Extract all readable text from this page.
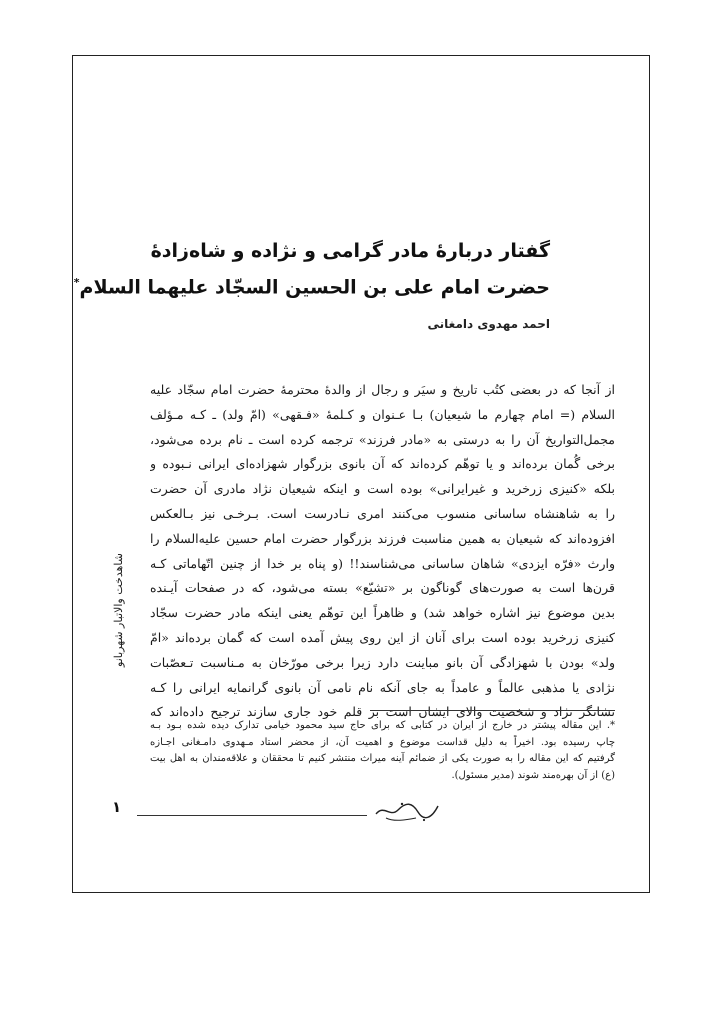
گفتار دربارهٔ مادر گرامی و نژاده و شاه‌زادهٔ
حضرت امام علی بن الحسین السجّاد علیهما السلام*
احمد مهدوی دامغانی
از آنجا که در بعضی کتُب تاریخ و سیَر و رجال از والدهٔ محترمهٔ حضرت امام سجّاد علیه
السلام (= امام چهارم ما شیعیان) بـا عـنوان و کـلمهٔ «فـقهی» (امّ ولد) ـ کـه مـؤلف
مجمل‌التواریخ آن را به درستی به «مادر فرزند» ترجمه کرده است ـ نام برده می‌شود،
برخی گُمان برده‌اند و یا توهّم کرده‌اند که آن بانوی بزرگوار شهزاده‌ای ایرانی نـبوده و
بلکه «کنیزی زرخرید و غیرایرانی» بوده است و اینکه شیعیان نژاد مادری آن حضرت
را به شاهنشاه ساسانی منسوب می‌کنند امری نـادرست است. بـرخـی نیز بـالعکس
افزوده‌اند که شیعیان به همین مناسبت فرزند بزرگوار حضرت امام حسین علیه‌السلام را
وارث «فرّه ایزدی» شاهان ساسانی می‌شناسند!! (و پناه بر خدا از چنین اتّهاماتی کـه
قرن‌ها است به صورت‌های گوناگون بر «تشیّع» بسته می‌شود، که در صفحات آیـنده
بدین موضوع نیز اشاره خواهد شد) و ظاهراً این توهّم یعنی اینکه مادر حضرت سجّاد
کنیزی زرخرید بوده است برای آنان از این روی پیش آمده است که گمان برده‌اند «امّ
ولد» بودن با شهزادگی آن بانو مباینت دارد زیرا برخی مورّخان به مـناسبت تـعصّبات
نژادی یا مذهبی عالماً و عامداً به جای آنکه نام نامی آن بانوی گرانمایه ایرانی را کـه
نشانگر نژاد و شخصیت والای ایشان است بر قلم خود جاری سازند ترجیح داده‌اند که
*. این مقاله پیشتر در خارج از ایران در کتابی که برای حاج سید محمود خیامی تدارک دیده شده بـود بـه
چاپ رسیده بود. اخیراً به دلیل قداست موضوع و اهمیت آن، از محضر استاد مـهدوی دامـغانی اجـازه
گرفتیم که این مقاله را به صورت یکی از ضمائم آینه میراث منتشر کنیم تا محققان و علاقه‌مندان به اهل بیت
(ع) از آن بهره‌مند شوند (مدیر مسئول).
شاهدخت والاتبار شهربانو
۱
